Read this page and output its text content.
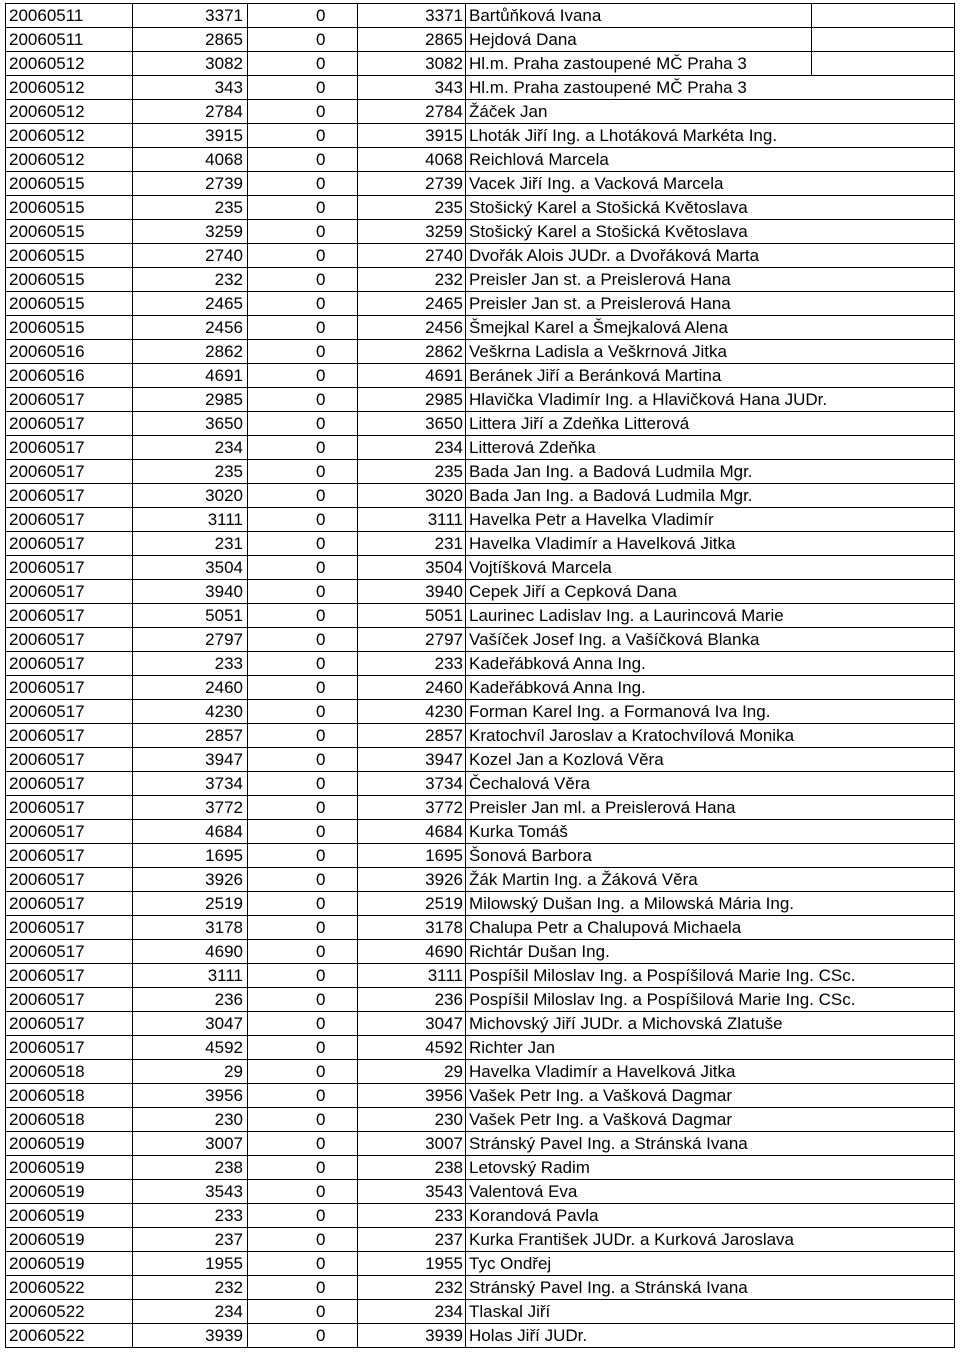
20060511	3371	0	3371 Bartůňková Ivana
20060511	2865	0	2865 Hejdová Dana
20060512	3082	0	3082 Hl.m. Praha zastoupené MČ Praha 3
20060512	343	0	343 Hl.m. Praha zastoupené MČ Praha 3
20060512	2784	0	2784 Žáček Jan
20060512	3915	0	3915 Lhoták Jiří Ing. a Lhotáková Markéta Ing.
20060512	4068	0	4068 Reichlová Marcela
20060515	2739	0	2739 Vacek Jiří Ing. a Vacková Marcela
20060515	235	0	235 Stošický Karel a Stošická Květoslava
20060515	3259	0	3259 Stošický Karel a Stošická Květoslava
20060515	2740	0	2740 Dvořák Alois JUDr. a Dvořáková Marta
20060515	232	0	232 Preisler Jan st. a Preislerová Hana
20060515	2465	0	2465 Preisler Jan st. a Preislerová Hana
20060515	2456	0	2456 Šmejkal Karel a Šmejkalová Alena
20060516	2862	0	2862 Veškrna Ladisla a Veškrnová Jitka
20060516	4691	0	4691 Beránek Jiří a Beránková Martina
20060517	2985	0	2985 Hlavička Vladimír Ing. a Hlavičková Hana JUDr.
20060517	3650	0	3650 Littera Jiří a Zdeňka Litterová
20060517	234	0	234 Litterová Zdeňka
20060517	235	0	235 Bada Jan Ing. a Badová Ludmila Mgr.
20060517	3020	0	3020 Bada Jan Ing. a Badová Ludmila Mgr.
20060517	3111	0	3111 Havelka Petr a Havelka Vladimír
20060517	231	0	231 Havelka Vladimír a Havelková Jitka
20060517	3504	0	3504 Vojtíšková Marcela
20060517	3940	0	3940 Cepek Jiří a Cepková Dana
20060517	5051	0	5051 Laurinec Ladislav Ing. a Laurincová Marie
20060517	2797	0	2797 Vašíček Josef Ing. a Vašíčková Blanka
20060517	233	0	233 Kadeřábková Anna Ing.
20060517	2460	0	2460 Kadeřábková Anna Ing.
20060517	4230	0	4230 Forman Karel Ing. a Formanová Iva Ing.
20060517	2857	0	2857 Kratochvíl Jaroslav a Kratochvílová Monika
20060517	3947	0	3947 Kozel Jan a Kozlová Věra
20060517	3734	0	3734 Čechalová Věra
20060517	3772	0	3772 Preisler Jan ml. a Preislerová Hana
20060517	4684	0	4684 Kurka Tomáš
20060517	1695	0	1695 Šonová Barbora
20060517	3926	0	3926 Žák Martin Ing. a Žáková Věra
20060517	2519	0	2519 Milowský Dušan Ing. a Milowská Mária Ing.
20060517	3178	0	3178 Chalupa Petr a Chalupová Michaela
20060517	4690	0	4690 Richtár Dušan Ing.
20060517	3111	0	3111 Pospíšil Miloslav Ing. a Pospíšilová Marie Ing. CSc.
20060517	236	0	236 Pospíšil Miloslav Ing. a Pospíšilová Marie Ing. CSc.
20060517	3047	0	3047 Michovský Jiří JUDr. a Michovská Zlatuše
20060517	4592	0	4592 Richter Jan
20060518	29	0	29 Havelka Vladimír a Havelková Jitka
20060518	3956	0	3956 Vašek Petr Ing. a Vašková Dagmar
20060518	230	0	230 Vašek Petr Ing. a Vašková Dagmar
20060519	3007	0	3007 Stránský Pavel Ing. a Stránská Ivana
20060519	238	0	238 Letovský Radim
20060519	3543	0	3543 Valentová Eva
20060519	233	0	233 Korandová Pavla
20060519	237	0	237 Kurka František JUDr. a Kurková Jaroslava
20060519	1955	0	1955 Tyc Ondřej
20060522	232	0	232 Stránský Pavel Ing. a Stránská Ivana
20060522	234	0	234 Tlaskal Jiří
20060522	3939	0	3939 Holas Jiří JUDr.
